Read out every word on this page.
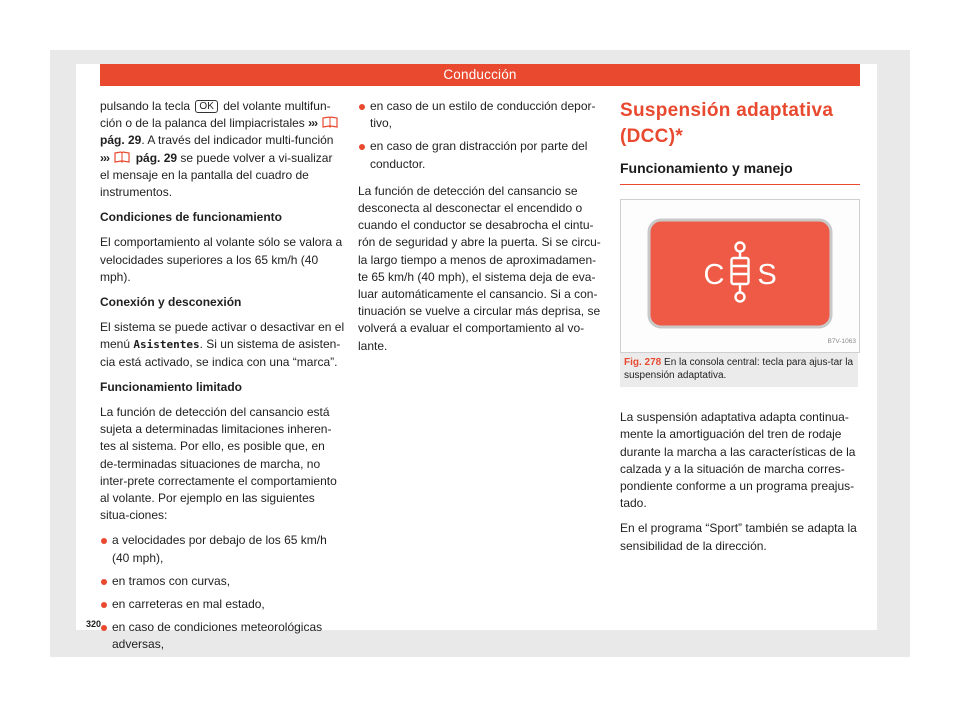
Conducción

pulsando la tecla OK del volante multifun-ción o de la palanca del limpiacristales ›››  pág. 29. A través del indicador multi-función ››› pág. 29 se puede volver a vi-sualizar el mensaje en la pantalla del cuadro de instrumentos.

Condiciones de funcionamiento

El comportamiento al volante sólo se valora a velocidades superiores a los 65 km/h (40 mph).

Conexión y desconexión

El sistema se puede activar o desactivar en el menú Asistentes. Si un sistema de asisten-cia está activado, se indica con una “marca”.

Funcionamiento limitado

La función de detección del cansancio está sujeta a determinadas limitaciones inheren-tes al sistema. Por ello, es posible que, en de-terminadas situaciones de marcha, no inter-prete correctamente el comportamiento al volante. Por ejemplo en las siguientes situa-ciones:

a velocidades por debajo de los 65 km/h (40 mph),
en tramos con curvas,
en carreteras en mal estado,
en caso de condiciones meteorológicas adversas,
en caso de un estilo de conducción depor-tivo,
en caso de gran distracción por parte del conductor.

La función de detección del cansancio se desconecta al desconectar el encendido o cuando el conductor se desabrocha el cintu-rón de seguridad y abre la puerta. Si se circu-la largo tiempo a menos de aproximadamen-te 65 km/h (40 mph), el sistema deja de eva-luar automáticamente el cansancio. Si a con-tinuación se vuelve a circular más deprisa, se volverá a evaluar el comportamiento al vo-lante.

Suspensión adaptativa
(DCC)*
Funcionamiento y manejo
C S
B7V-1063
Fig. 278 En la consola central: tecla para ajus-tar la suspensión adaptativa.

La suspensión adaptativa adapta continua-mente la amortiguación del tren de rodaje durante la marcha a las características de la calzada y a la situación de marcha corres-pondiente conforme a un programa preajus-tado.

En el programa “Sport” también se adapta la sensibilidad de la dirección.

320
